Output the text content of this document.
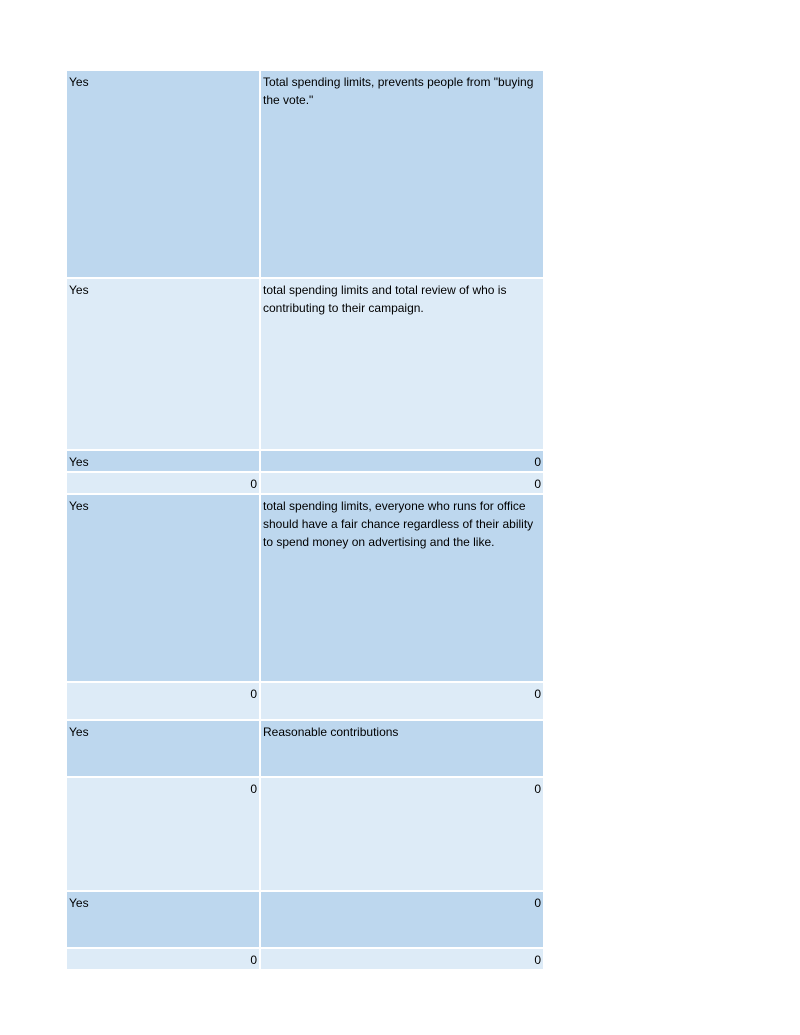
Yes	Total spending limits, prevents people from "buying the vote."
Yes	total spending limits and total review of who is contributing to their campaign.
Yes	0
0	0
Yes	total spending limits, everyone who runs for office should have a fair chance regardless of their ability to spend money on advertising and the like.
0	0
Yes	Reasonable contributions
0	0
Yes	0
0	0
